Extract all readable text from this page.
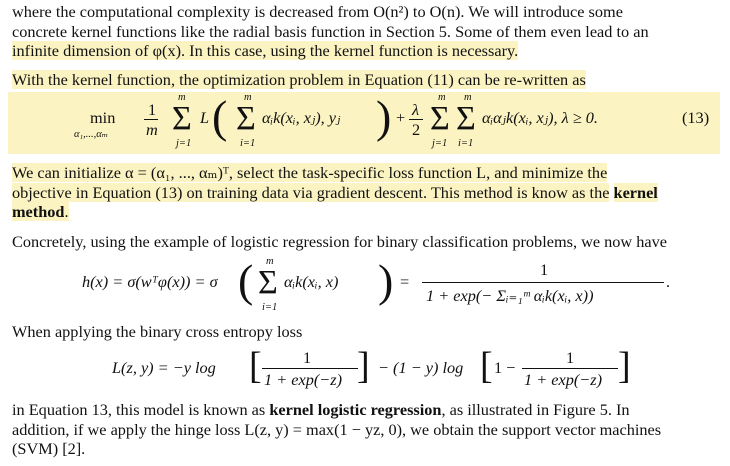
where the computational complexity is decreased from O(n²) to O(n). We will introduce some
concrete kernel functions like the radial basis function in Section 5. Some of them even lead to an
infinite dimension of φ(x). In this case, using the kernel function is necessary.

With the kernel function, the optimization problem in Equation (11) can be re-written as

min
α₁,...,αₘ
1
m
m
Σ
j=1
L ( m
Σ
i=1
αᵢk(xᵢ, xⱼ), yⱼ ) + λ
2
m
Σ
j=1
m
Σ
i=1
αᵢαⱼk(xᵢ, xⱼ), λ ≥ 0.	(13)

We can initialize α = (α₁, ..., αₘ)ᵀ, select the task-specific loss function L, and minimize the
objective in Equation (13) on training data via gradient descent. This method is know as the kernel
method.

Concretely, using the example of logistic regression for binary classification problems, we now have

h(x) = σ(wᵀφ(x)) = σ ( m
Σ
i=1
αᵢk(xᵢ, x) ) =
1
1 + exp(− Σᵢ₌₁ᵐ αᵢk(xᵢ, x))
.

When applying the binary cross entropy loss

L(z, y) = −y log [	1
1 + exp(−z) ] − (1 − y) log [ 1 −
1
1 + exp(−z) ]

in Equation 13, this model is known as kernel logistic regression, as illustrated in Figure 5. In
addition, if we apply the hinge loss L(z, y) = max(1 − yz, 0), we obtain the support vector machines
(SVM) [2].
